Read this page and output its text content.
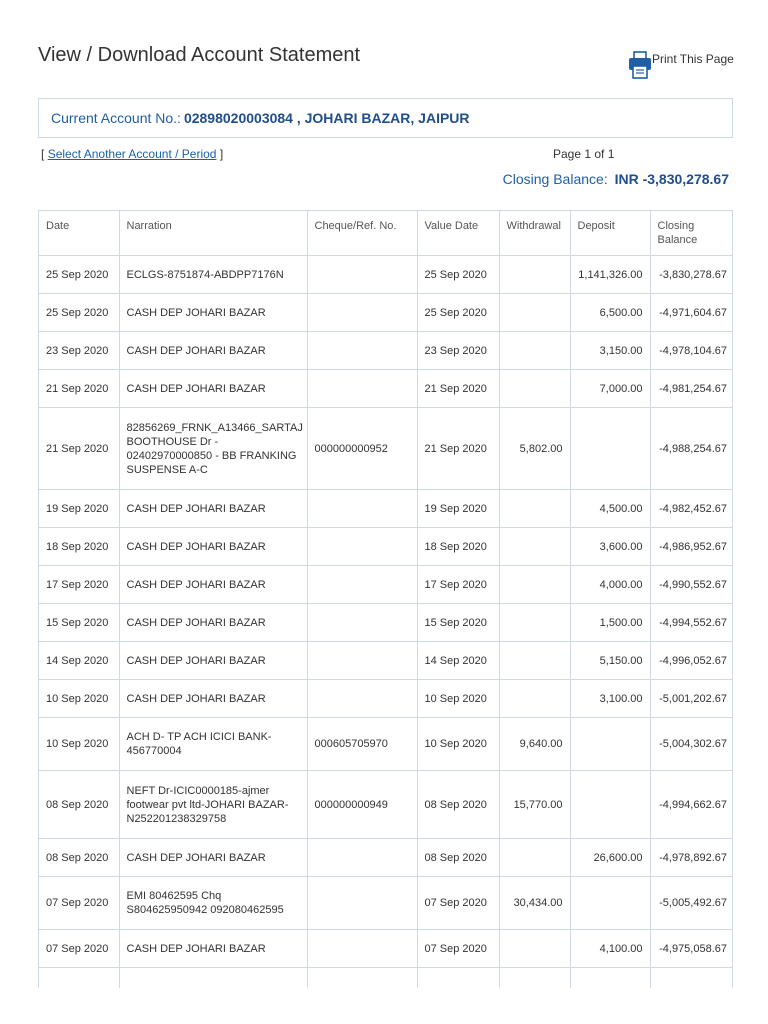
View / Download Account Statement	Print This Page
Current Account No.: 02898020003084 , JOHARI BAZAR, JAIPUR
[ Select Another Account / Period ]	Page 1 of 1
Closing Balance: INR -3,830,278.67
Date	Narration	Cheque/Ref. No.	Value Date	Withdrawal	Deposit	Closing Balance
25 Sep 2020	ECLGS-8751874-ABDPP7176N		25 Sep 2020		1,141,326.00	-3,830,278.67
25 Sep 2020	CASH DEP JOHARI BAZAR		25 Sep 2020		6,500.00	-4,971,604.67
23 Sep 2020	CASH DEP JOHARI BAZAR		23 Sep 2020		3,150.00	-4,978,104.67
21 Sep 2020	CASH DEP JOHARI BAZAR		21 Sep 2020		7,000.00	-4,981,254.67
21 Sep 2020	82856269_FRNK_A13466_SARTAJ BOOTHOUSE Dr - 02402970000850 - BB FRANKING SUSPENSE A-C	000000000952	21 Sep 2020	5,802.00		-4,988,254.67
19 Sep 2020	CASH DEP JOHARI BAZAR		19 Sep 2020		4,500.00	-4,982,452.67
18 Sep 2020	CASH DEP JOHARI BAZAR		18 Sep 2020		3,600.00	-4,986,952.67
17 Sep 2020	CASH DEP JOHARI BAZAR		17 Sep 2020		4,000.00	-4,990,552.67
15 Sep 2020	CASH DEP JOHARI BAZAR		15 Sep 2020		1,500.00	-4,994,552.67
14 Sep 2020	CASH DEP JOHARI BAZAR		14 Sep 2020		5,150.00	-4,996,052.67
10 Sep 2020	CASH DEP JOHARI BAZAR		10 Sep 2020		3,100.00	-5,001,202.67
10 Sep 2020	ACH D- TP ACH ICICI BANK-456770004	000605705970	10 Sep 2020	9,640.00		-5,004,302.67
08 Sep 2020	NEFT Dr-ICIC0000185-ajmer footwear pvt ltd-JOHARI BAZAR-N252201238329758	000000000949	08 Sep 2020	15,770.00		-4,994,662.67
08 Sep 2020	CASH DEP JOHARI BAZAR		08 Sep 2020		26,600.00	-4,978,892.67
07 Sep 2020	EMI 80462595 Chq S804625950942 092080462595		07 Sep 2020	30,434.00		-5,005,492.67
07 Sep 2020	CASH DEP JOHARI BAZAR		07 Sep 2020		4,100.00	-4,975,058.67
